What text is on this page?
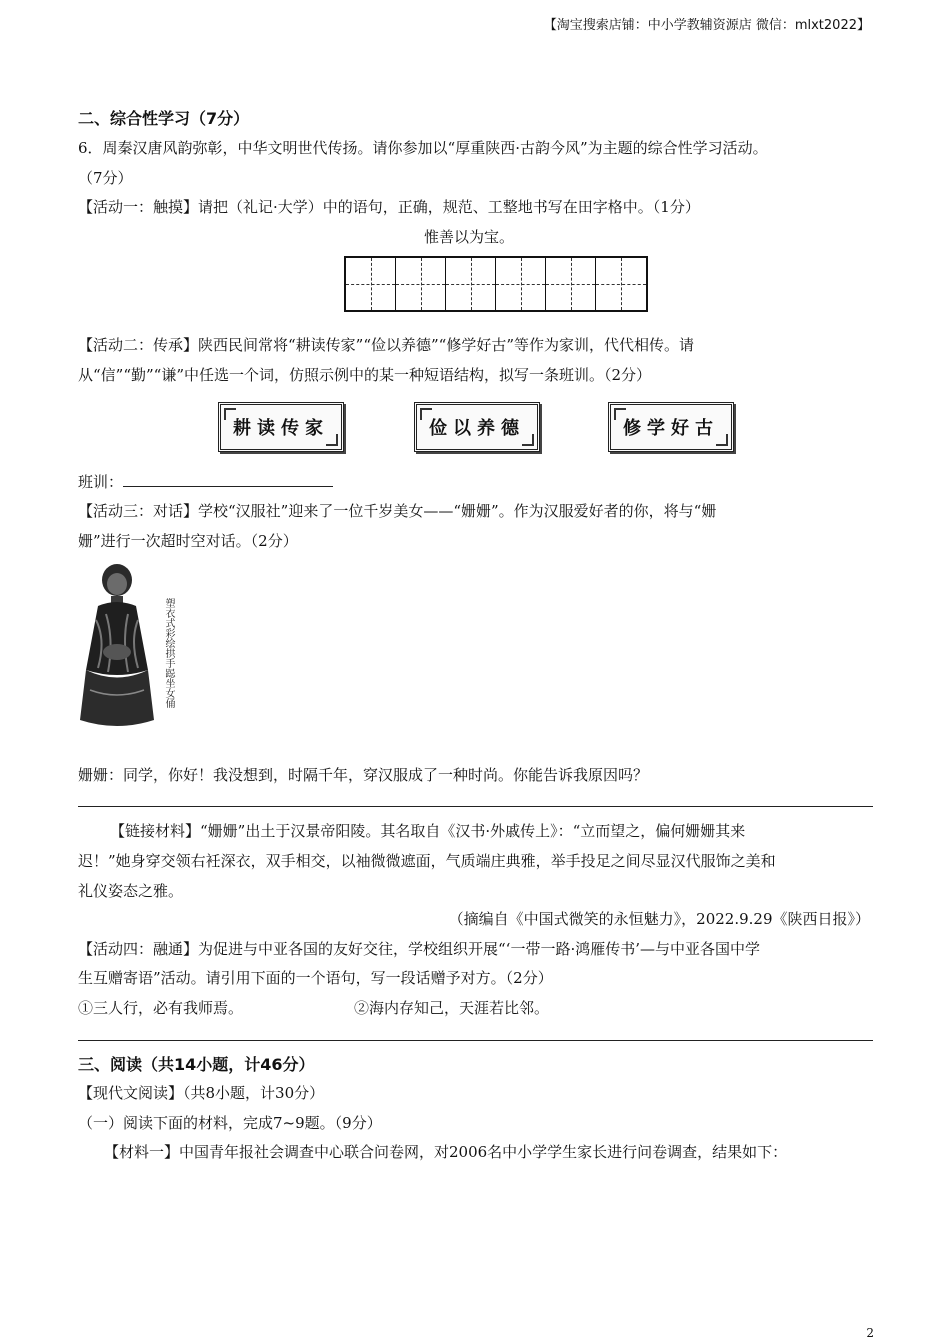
【淘宝搜索店铺：中小学教辅资源店 微信：mlxt2022】
二、综合性学习（7分）
6．周秦汉唐风韵弥彰，中华文明世代传扬。请你参加以“厚重陕西·古韵今风”为主题的综合性学习活动。
（7分）
【活动一：触摸】请把（礼记·大学）中的语句，正确，规范、工整地书写在田字格中。（1分）
惟善以为宝。
【活动二：传承】陕西民间常将“耕读传家”“俭以养德”“修学好古”等作为家训，代代相传。请
从“信”“勤”“谦”中任选一个词，仿照示例中的某一种短语结构，拟写一条班训。（2分）
耕读传家	俭以养德	修学好古
班训：
【活动三：对话】学校“汉服社”迎来了一位千岁美女——“姗姗”。作为汉服爱好者的你，将与“姗
姗”进行一次超时空对话。（2分）
塑衣式彩绘拱手跽坐女俑
姗姗：同学，你好！我没想到，时隔千年，穿汉服成了一种时尚。你能告诉我原因吗？
【链接材料】“姗姗”出土于汉景帝阳陵。其名取自《汉书·外戚传上》：“立而望之，偏何姗姗其来
迟！”她身穿交领右衽深衣，双手相交，以袖微微遮面，气质端庄典雅，举手投足之间尽显汉代服饰之美和
礼仪姿态之雅。
（摘编自《中国式微笑的永恒魅力》，2022.9.29《陕西日报》）
【活动四：融通】为促进与中亚各国的友好交往，学校组织开展“‘一带一路·鸿雁传书’—与中亚各国中学
生互赠寄语”活动。请引用下面的一个语句，写一段话赠予对方。（2分）
①三人行，必有我师焉。	②海内存知己，天涯若比邻。
三、阅读（共14小题，计46分）
【现代文阅读】（共8小题，计30分）
（一）阅读下面的材料，完成7~9题。（9分）
【材料一】中国青年报社会调查中心联合问卷网，对2006名中小学学生家长进行问卷调查，结果如下：
2
